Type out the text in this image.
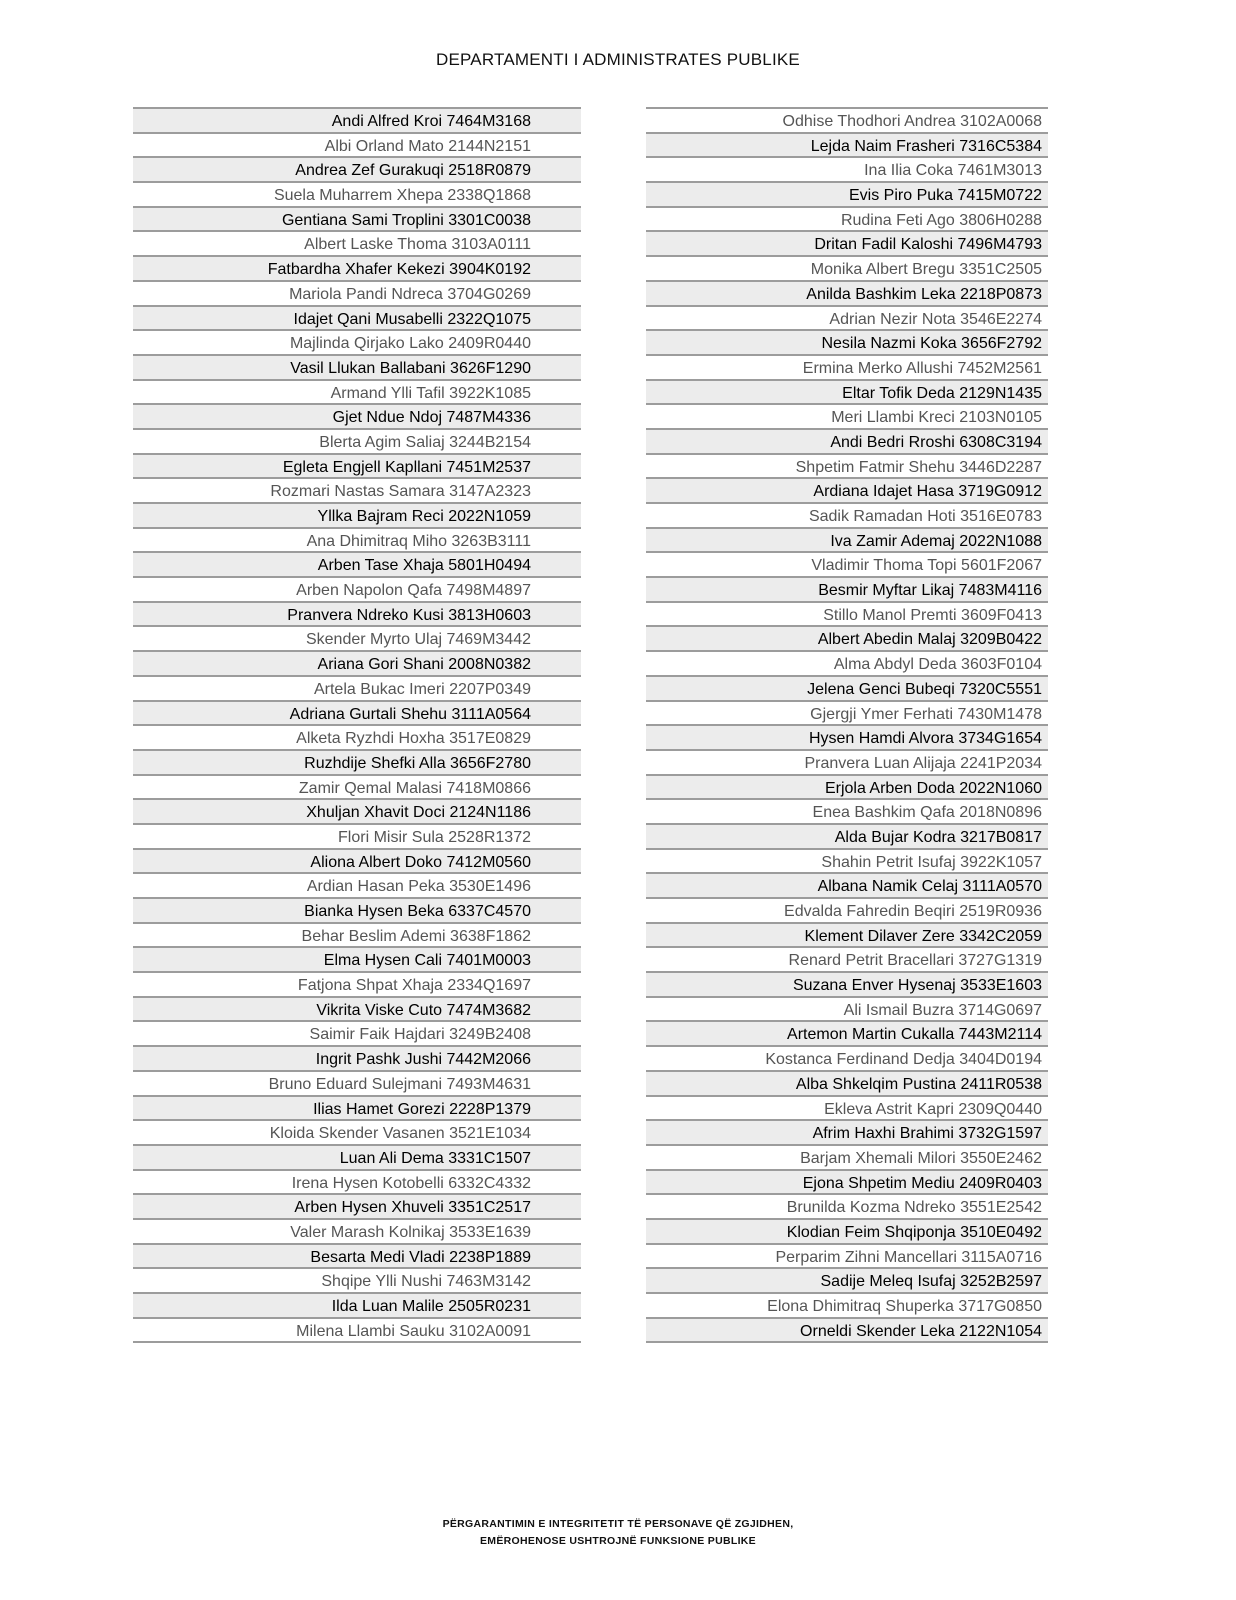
DEPARTAMENTI I ADMINISTRATES PUBLIKE
Andi Alfred Kroi 7464M3168
Albi Orland Mato 2144N2151
Andrea Zef Gurakuqi 2518R0879
Suela Muharrem Xhepa 2338Q1868
Gentiana Sami Troplini 3301C0038
Albert Laske Thoma 3103A0111
Fatbardha Xhafer Kekezi 3904K0192
Mariola Pandi Ndreca 3704G0269
Idajet Qani Musabelli 2322Q1075
Majlinda Qirjako Lako 2409R0440
Vasil Llukan Ballabani 3626F1290
Armand Ylli Tafil 3922K1085
Gjet Ndue Ndoj 7487M4336
Blerta Agim Saliaj 3244B2154
Egleta Engjell Kapllani 7451M2537
Rozmari Nastas Samara 3147A2323
Yllka Bajram Reci 2022N1059
Ana Dhimitraq Miho 3263B3111
Arben Tase Xhaja 5801H0494
Arben Napolon Qafa 7498M4897
Pranvera Ndreko Kusi 3813H0603
Skender Myrto Ulaj 7469M3442
Ariana Gori Shani 2008N0382
Artela Bukac Imeri 2207P0349
Adriana Gurtali Shehu 3111A0564
Alketa Ryzhdi Hoxha 3517E0829
Ruzhdije Shefki Alla 3656F2780
Zamir Qemal Malasi 7418M0866
Xhuljan Xhavit Doci 2124N1186
Flori Misir Sula 2528R1372
Aliona Albert Doko 7412M0560
Ardian Hasan Peka 3530E1496
Bianka Hysen Beka 6337C4570
Behar Beslim Ademi 3638F1862
Elma Hysen Cali 7401M0003
Fatjona Shpat Xhaja 2334Q1697
Vikrita Viske Cuto 7474M3682
Saimir Faik Hajdari 3249B2408
Ingrit Pashk Jushi 7442M2066
Bruno Eduard Sulejmani 7493M4631
Ilias Hamet Gorezi 2228P1379
Kloida Skender Vasanen 3521E1034
Luan Ali Dema 3331C1507
Irena Hysen Kotobelli 6332C4332
Arben Hysen Xhuveli 3351C2517
Valer Marash Kolnikaj 3533E1639
Besarta Medi Vladi 2238P1889
Shqipe Ylli Nushi 7463M3142
Ilda Luan Malile 2505R0231
Milena Llambi Sauku 3102A0091
Odhise Thodhori Andrea 3102A0068
Lejda Naim Frasheri 7316C5384
Ina Ilia Coka 7461M3013
Evis Piro Puka 7415M0722
Rudina Feti Ago 3806H0288
Dritan Fadil Kaloshi 7496M4793
Monika Albert Bregu 3351C2505
Anilda Bashkim Leka 2218P0873
Adrian Nezir Nota 3546E2274
Nesila Nazmi Koka 3656F2792
Ermina Merko Allushi 7452M2561
Eltar Tofik Deda 2129N1435
Meri Llambi Kreci 2103N0105
Andi Bedri Rroshi 6308C3194
Shpetim Fatmir Shehu 3446D2287
Ardiana Idajet Hasa 3719G0912
Sadik Ramadan Hoti 3516E0783
Iva Zamir Ademaj 2022N1088
Vladimir Thoma Topi 5601F2067
Besmir Myftar Likaj 7483M4116
Stillo Manol Premti 3609F0413
Albert Abedin Malaj 3209B0422
Alma Abdyl Deda 3603F0104
Jelena Genci Bubeqi 7320C5551
Gjergji Ymer Ferhati 7430M1478
Hysen Hamdi Alvora 3734G1654
Pranvera Luan Alijaja 2241P2034
Erjola Arben Doda 2022N1060
Enea Bashkim Qafa 2018N0896
Alda Bujar Kodra 3217B0817
Shahin Petrit Isufaj 3922K1057
Albana Namik Celaj 3111A0570
Edvalda Fahredin Beqiri 2519R0936
Klement Dilaver Zere 3342C2059
Renard Petrit Bracellari 3727G1319
Suzana Enver Hysenaj 3533E1603
Ali Ismail Buzra 3714G0697
Artemon Martin Cukalla 7443M2114
Kostanca Ferdinand Dedja 3404D0194
Alba Shkelqim Pustina 2411R0538
Ekleva Astrit Kapri 2309Q0440
Afrim Haxhi Brahimi 3732G1597
Barjam Xhemali Milori 3550E2462
Ejona Shpetim Mediu 2409R0403
Brunilda Kozma Ndreko 3551E2542
Klodian Feim Shqiponja 3510E0492
Perparim Zihni Mancellari 3115A0716
Sadije Meleq Isufaj 3252B2597
Elona Dhimitraq Shuperka 3717G0850
Orneldi Skender Leka 2122N1054
PËRGARANTIMIN E INTEGRITETIT TË PERSONAVE QË ZGJIDHEN,
EMËROHENOSE USHTROJNË FUNKSIONE PUBLIKE
